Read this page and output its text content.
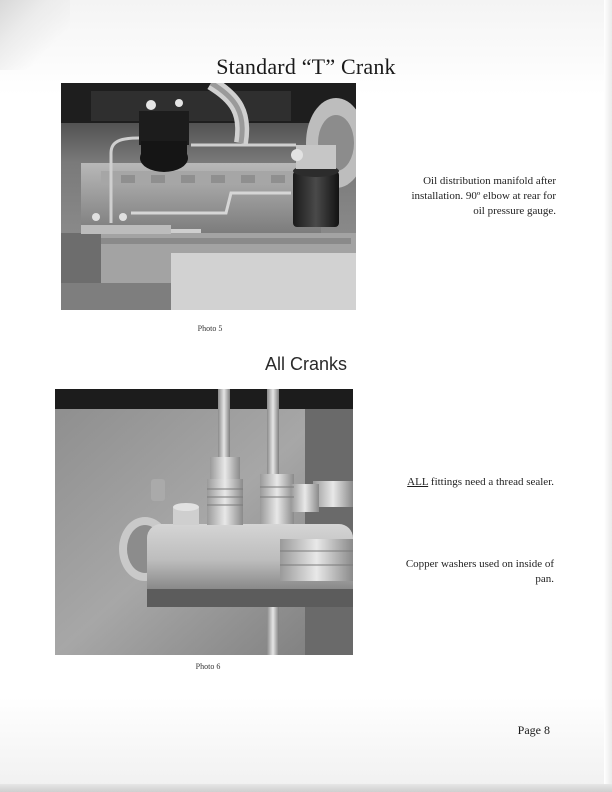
Standard “T” Crank
Photo 5
Oil distribution manifold after installation. 90º elbow at rear for oil pressure gauge.
All Cranks
Photo 6
ALL fittings need a thread sealer.
Copper washers used on inside of pan.
Page 8
